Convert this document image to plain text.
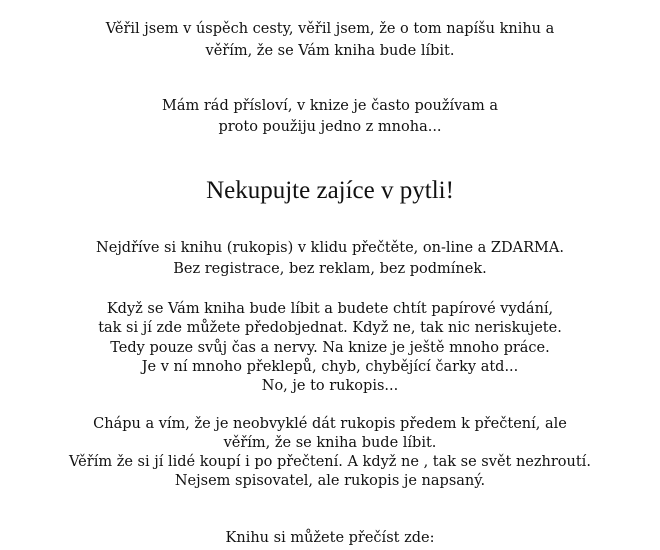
Věřil jsem v úspěch cesty, věřil jsem, že o tom napíšu knihu a
věřím, že se Vám kniha bude líbit.
Mám rád přísloví, v knize je často používam a
proto použiju jedno z mnoha...
Nekupujte zajíce v pytli!
Nejdříve si knihu (rukopis) v klidu přečtěte, on-line a ZDARMA.
Bez registrace, bez reklam, bez podmínek.
Když se Vám kniha bude líbit a budete chtít papírové vydání,
tak si jí zde můžete předobjednat. Když ne, tak nic neriskujete.
Tedy pouze svůj čas a nervy. Na knize je ještě mnoho práce.
Je v ní mnoho překlepů, chyb, chybějící čarky atd...
No, je to rukopis...
Chápu a vím, že je neobvyklé dát rukopis předem k přečtení, ale
věřím, že se kniha bude líbit.
Věřím že si jí lidé koupí i po přečtení. A když ne , tak se svět nezhroutí.
Nejsem spisovatel, ale rukopis je napsaný.
Knihu si můžete přečíst zde:
